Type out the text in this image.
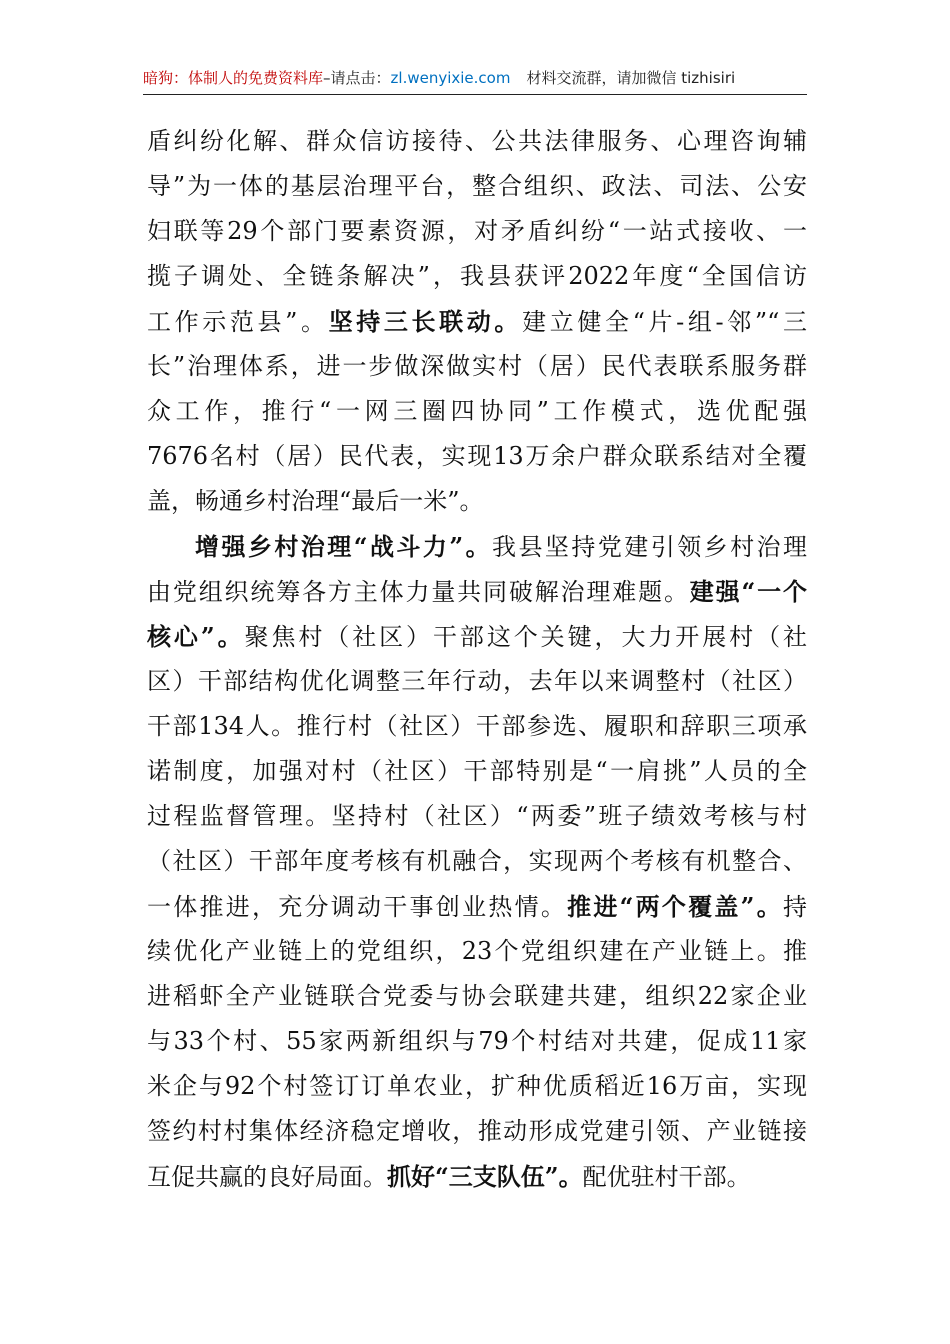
暗狗：体制人的免费资料库–请点击：zl.wenyixie.com 材料交流群，请加微信 tizhisiri
盾纠纷化解、群众信访接待、公共法律服务、心理咨询辅
导”为一体的基层治理平台，整合组织、政法、司法、公安
妇联等29个部门要素资源，对矛盾纠纷“一站式接收、一
揽子调处、全链条解决”，我县获评2022年度“全国信访
工作示范县”。坚持三长联动。建立健全“片-组-邻”“三
长”治理体系，进一步做深做实村（居）民代表联系服务群
众工作，推行“一网三圈四协同”工作模式，选优配强
7676名村（居）民代表，实现13万余户群众联系结对全覆
盖，畅通乡村治理“最后一米”。
增强乡村治理“战斗力”。我县坚持党建引领乡村治理
由党组织统筹各方主体力量共同破解治理难题。建强“一个
核心”。聚焦村（社区）干部这个关键，大力开展村（社
区）干部结构优化调整三年行动，去年以来调整村（社区）
干部134人。推行村（社区）干部参选、履职和辞职三项承
诺制度，加强对村（社区）干部特别是“一肩挑”人员的全
过程监督管理。坚持村（社区）“两委”班子绩效考核与村
（社区）干部年度考核有机融合，实现两个考核有机整合、
一体推进，充分调动干事创业热情。推进“两个覆盖”。持
续优化产业链上的党组织，23个党组织建在产业链上。推
进稻虾全产业链联合党委与协会联建共建，组织22家企业
与33个村、55家两新组织与79个村结对共建，促成11家
米企与92个村签订订单农业，扩种优质稻近16万亩，实现
签约村村集体经济稳定增收，推动形成党建引领、产业链接
互促共赢的良好局面。抓好“三支队伍”。配优驻村干部。
